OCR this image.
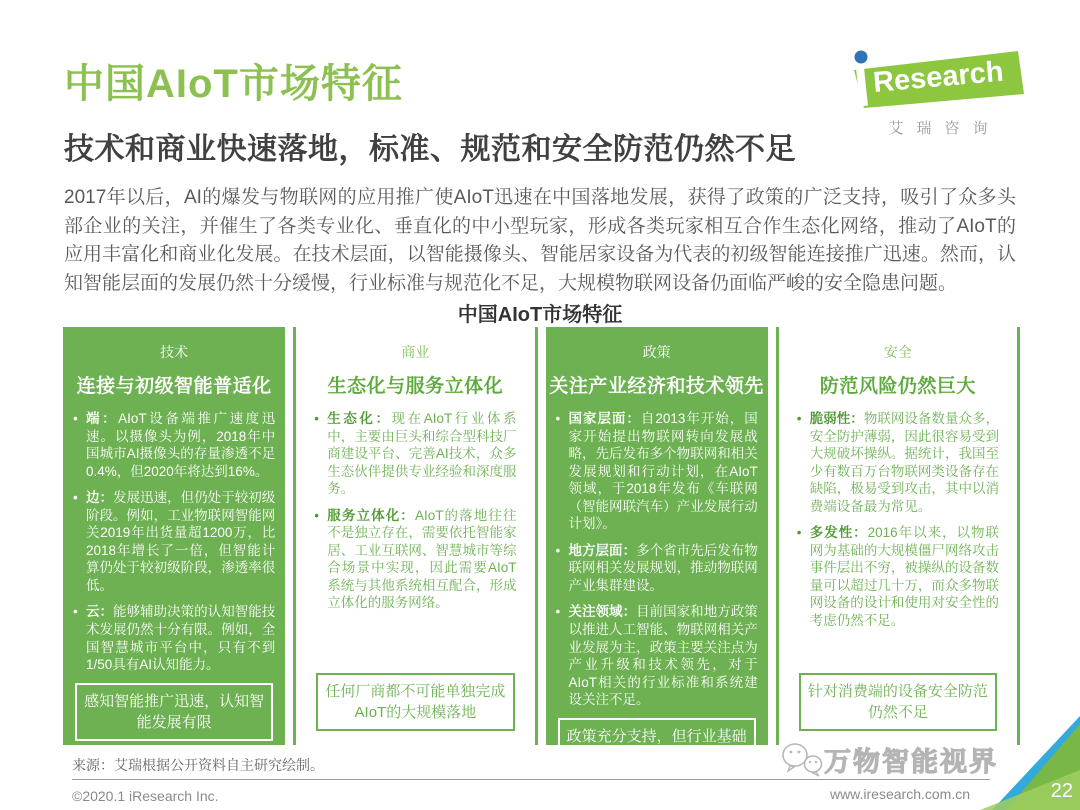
中国AIoT市场特征	Research
艾瑞咨询
技术和商业快速落地，标准、规范和安全防范仍然不足

2017年以后，AI的爆发与物联网的应用推广使AIoT迅速在中国落地发展，获得了政策的广泛支持，吸引了众多头部企业的关注，并催生了各类专业化、垂直化的中小型玩家，形成各类玩家相互合作生态化网络，推动了AIoT的应用丰富化和商业化发展。在技术层面，以智能摄像头、智能居家设备为代表的初级智能连接推广迅速。然而，认知智能层面的发展仍然十分缓慢，行业标准与规范化不足，大规模物联网设备仍面临严峻的安全隐患问题。

中国AIoT市场特征
技术
连接与初级智能普适化
• 端：AIoT设备端推广速度迅速。以摄像头为例，2018年中国城市AI摄像头的存量渗透不足0.4%，但2020年将达到16%。
• 边：发展迅速，但仍处于较初级阶段。例如，工业物联网智能网关2019年出货量超1200万，比2018年增长了一倍，但智能计算仍处于较初级阶段，渗透率很低。
• 云：能够辅助决策的认知智能技术发展仍然十分有限。例如，全国智慧城市平台中，只有不到1/50具有AI认知能力。
感知智能推广迅速，认知智能发展有限
商业
生态化与服务立体化
• 生态化：现在AIoT行业体系中，主要由巨头和综合型科技厂商建设平台、完善AI技术，众多生态伙伴提供专业经验和深度服务。
• 服务立体化：AIoT的落地往往不是独立存在，需要依托智能家居、工业互联网、智慧城市等综合场景中实现，因此需要AIoT系统与其他系统相互配合，形成立体化的服务网络。
任何厂商都不可能单独完成AIoT的大规模落地
政策
关注产业经济和技术领先
• 国家层面：自2013年开始，国家开始提出物联网转向发展战略，先后发布多个物联网和相关发展规划和行动计划，在AIoT领域，于2018年发布《车联网（智能网联汽车）产业发展行动计划》。
• 地方层面：多个省市先后发布物联网相关发展规划，推动物联网产业集群建设。
• 关注领域：目前国家和地方政策以推进人工智能、物联网相关产业发展为主，政策主要关注点为产业升级和技术领先，对于AIoT相关的行业标准和系统建设关注不足。
政策充分支持，但行业基础设施建设仍然不足
安全
防范风险仍然巨大
• 脆弱性：物联网设备数量众多，安全防护薄弱，因此很容易受到大规破坏操纵。据统计，我国至少有数百万台物联网类设备存在缺陷，极易受到攻击，其中以消费端设备最为常见。
• 多发性：2016年以来，以物联网为基础的大规模僵尸网络攻击事件层出不穷，被操纵的设备数量可以超过几十万，而众多物联网设备的设计和使用对安全性的考虑仍然不足。
针对消费端的设备安全防范仍然不足
来源：艾瑞根据公开资料自主研究绘制。	万物智能视界
©2020.1 iResearch Inc.	www.iresearch.com.cn	22
